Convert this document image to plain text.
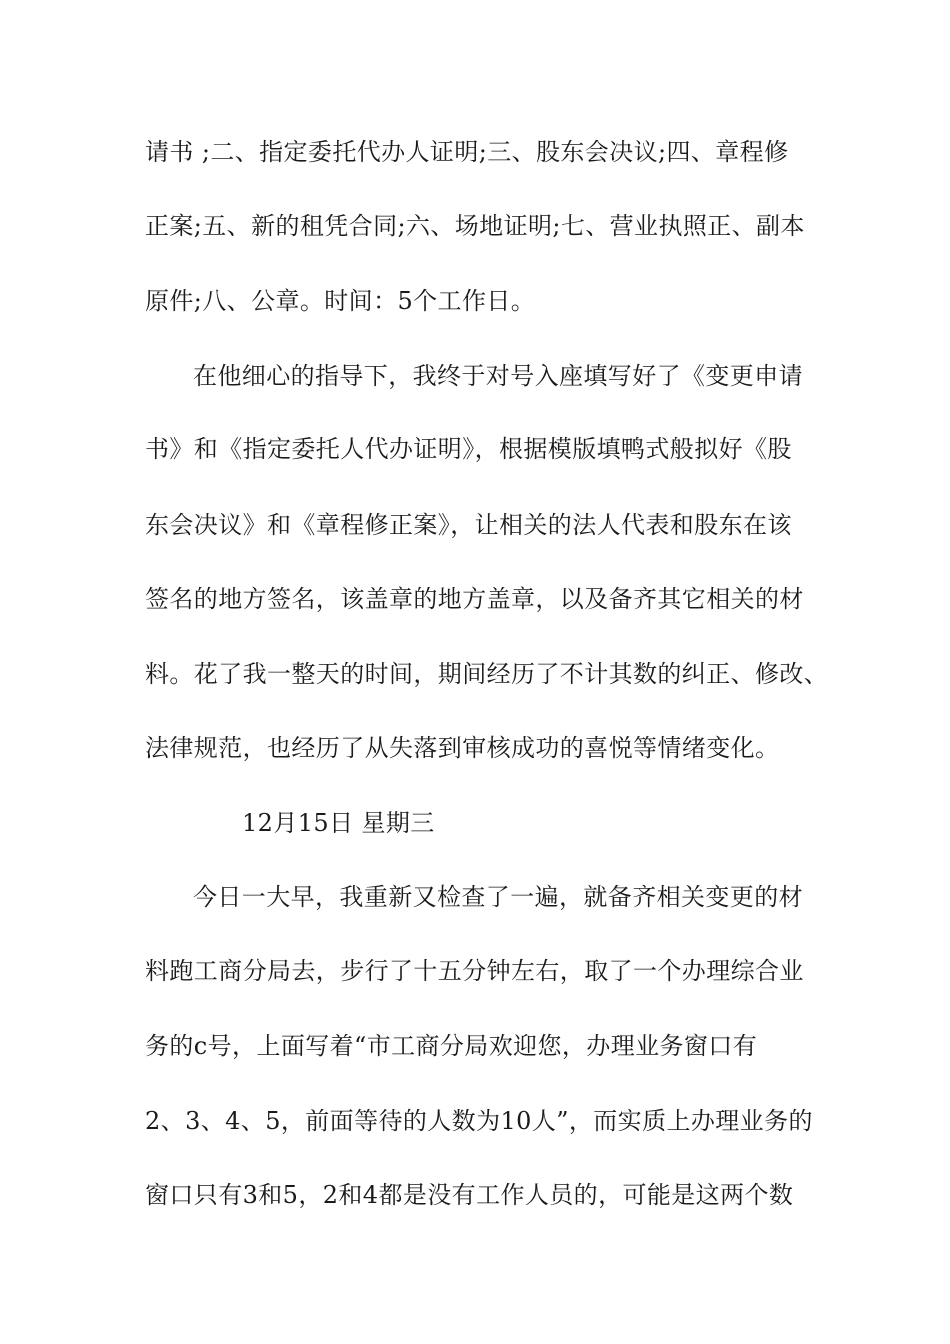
请书 ;二、指定委托代办人证明;三、股东会决议;四、章程修
正案;五、新的租凭合同;六、场地证明;七、营业执照正、副本
原件;八、公章。时间：5个工作日。
在他细心的指导下，我终于对号入座填写好了《变更申请
书》和《指定委托人代办证明》，根据模版填鸭式般拟好《股
东会决议》和《章程修正案》，让相关的法人代表和股东在该
签名的地方签名，该盖章的地方盖章，以及备齐其它相关的材
料。花了我一整天的时间，期间经历了不计其数的纠正、修改、
法律规范，也经历了从失落到审核成功的喜悦等情绪变化。
12月15日 星期三
今日一大早，我重新又检查了一遍，就备齐相关变更的材
料跑工商分局去，步行了十五分钟左右，取了一个办理综合业
务的c号，上面写着“市工商分局欢迎您，办理业务窗口有
2、3、4、5，前面等待的人数为10人”，而实质上办理业务的
窗口只有3和5，2和4都是没有工作人员的，可能是这两个数
